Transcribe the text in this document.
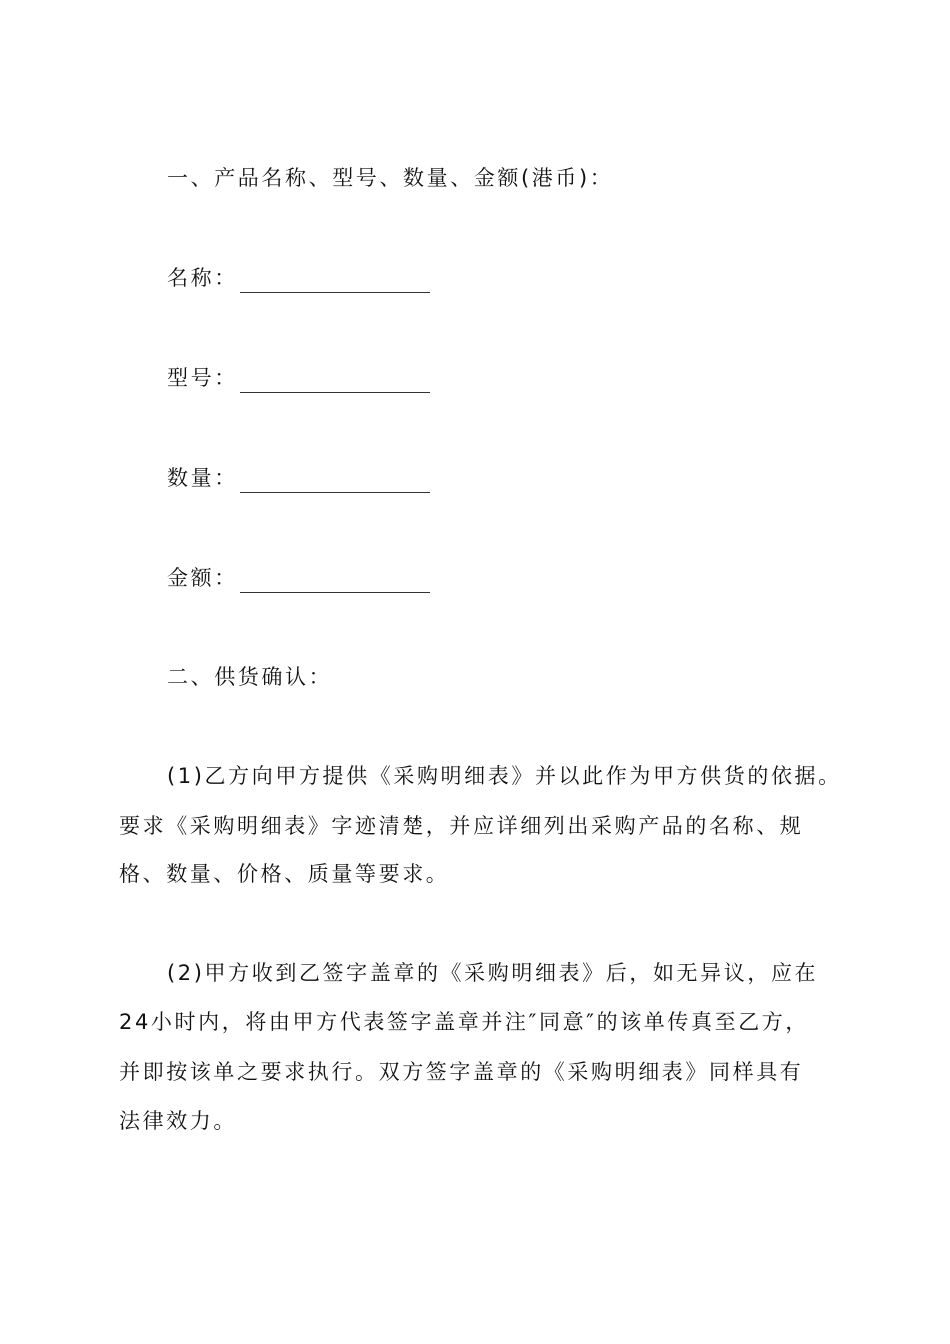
一、产品名称、型号、数量、金额(港币)：
名称：
型号：
数量：
金额：
二、供货确认：
(1)乙方向甲方提供《采购明细表》并以此作为甲方供货的依据。
要求《采购明细表》字迹清楚，并应详细列出采购产品的名称、规
格、数量、价格、质量等要求。
(2)甲方收到乙签字盖章的《采购明细表》后，如无异议，应在
24小时内，将由甲方代表签字盖章并注″同意″的该单传真至乙方，
并即按该单之要求执行。双方签字盖章的《采购明细表》同样具有
法律效力。
